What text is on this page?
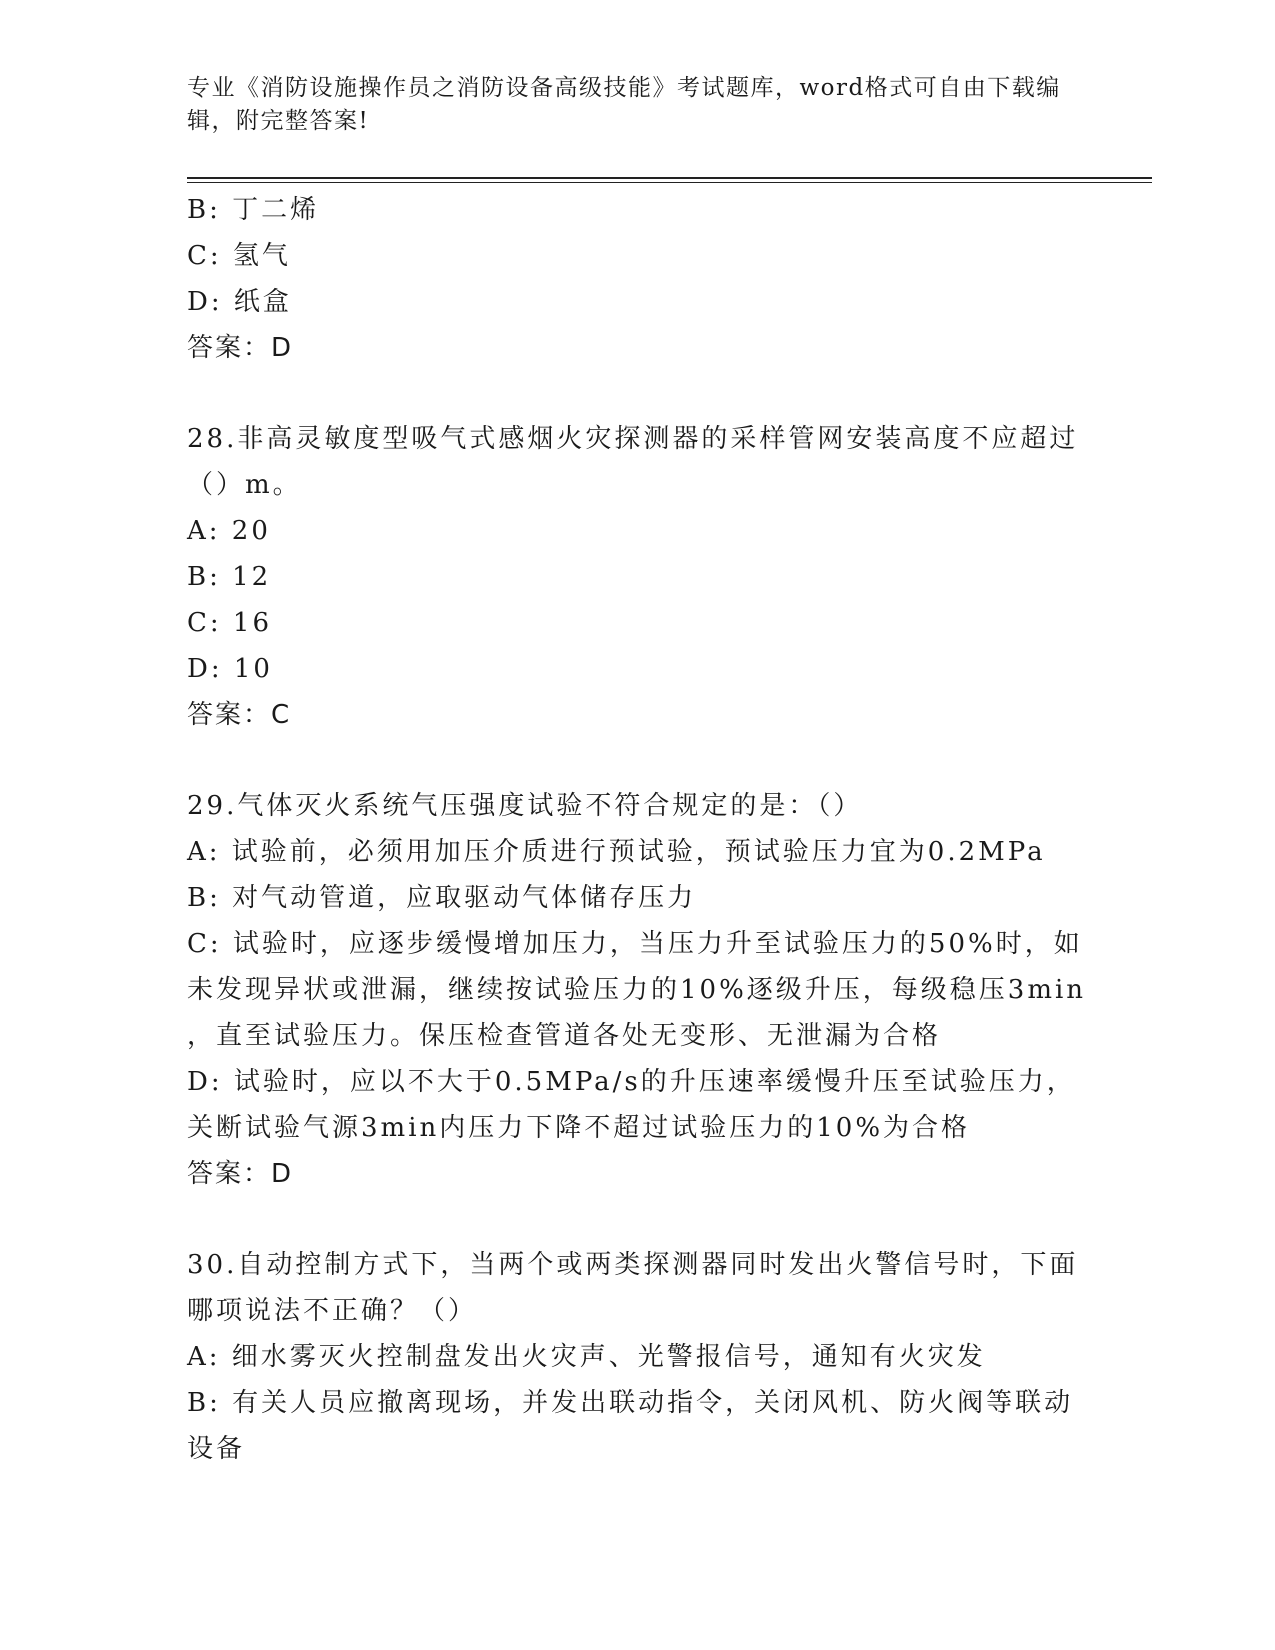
专业《消防设施操作员之消防设备高级技能》考试题库，word格式可自由下载编
辑，附完整答案!
B: 丁二烯
C: 氢气
D: 纸盒
答案：D
28.非高灵敏度型吸气式感烟火灾探测器的采样管网安装高度不应超过
（）m。
A: 20
B: 12
C: 16
D: 10
答案：C
29.气体灭火系统气压强度试验不符合规定的是：（）
A: 试验前，必须用加压介质进行预试验，预试验压力宜为0.2MPa
B: 对气动管道，应取驱动气体储存压力
C: 试验时，应逐步缓慢增加压力，当压力升至试验压力的50%时，如
未发现异状或泄漏，继续按试验压力的10%逐级升压，每级稳压3min
，直至试验压力。保压检查管道各处无变形、无泄漏为合格
D: 试验时，应以不大于0.5MPa/s的升压速率缓慢升压至试验压力，
关断试验气源3min内压力下降不超过试验压力的10%为合格
答案：D
30.自动控制方式下，当两个或两类探测器同时发出火警信号时，下面
哪项说法不正确？（）
A: 细水雾灭火控制盘发出火灾声、光警报信号，通知有火灾发
B: 有关人员应撤离现场，并发出联动指令，关闭风机、防火阀等联动
设备
